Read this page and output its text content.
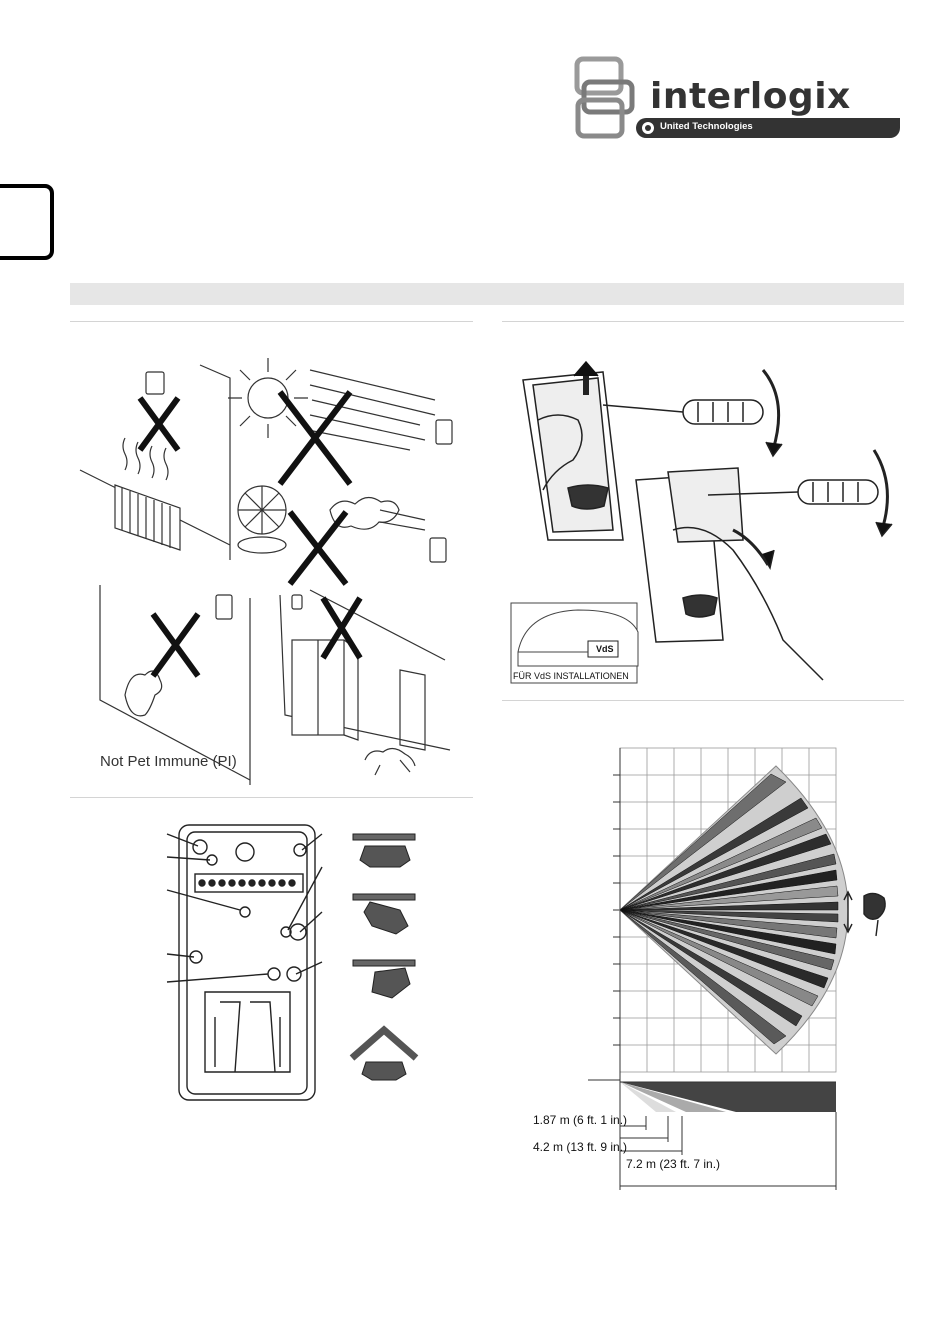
interlogix
United Technologies
Not Pet Immune (PI)
VdS
FÜR VdS INSTALLATIONEN
1.87 m (6 ft. 1 in.)
4.2 m (13 ft. 9 in.)
7.2 m (23 ft. 7 in.)
